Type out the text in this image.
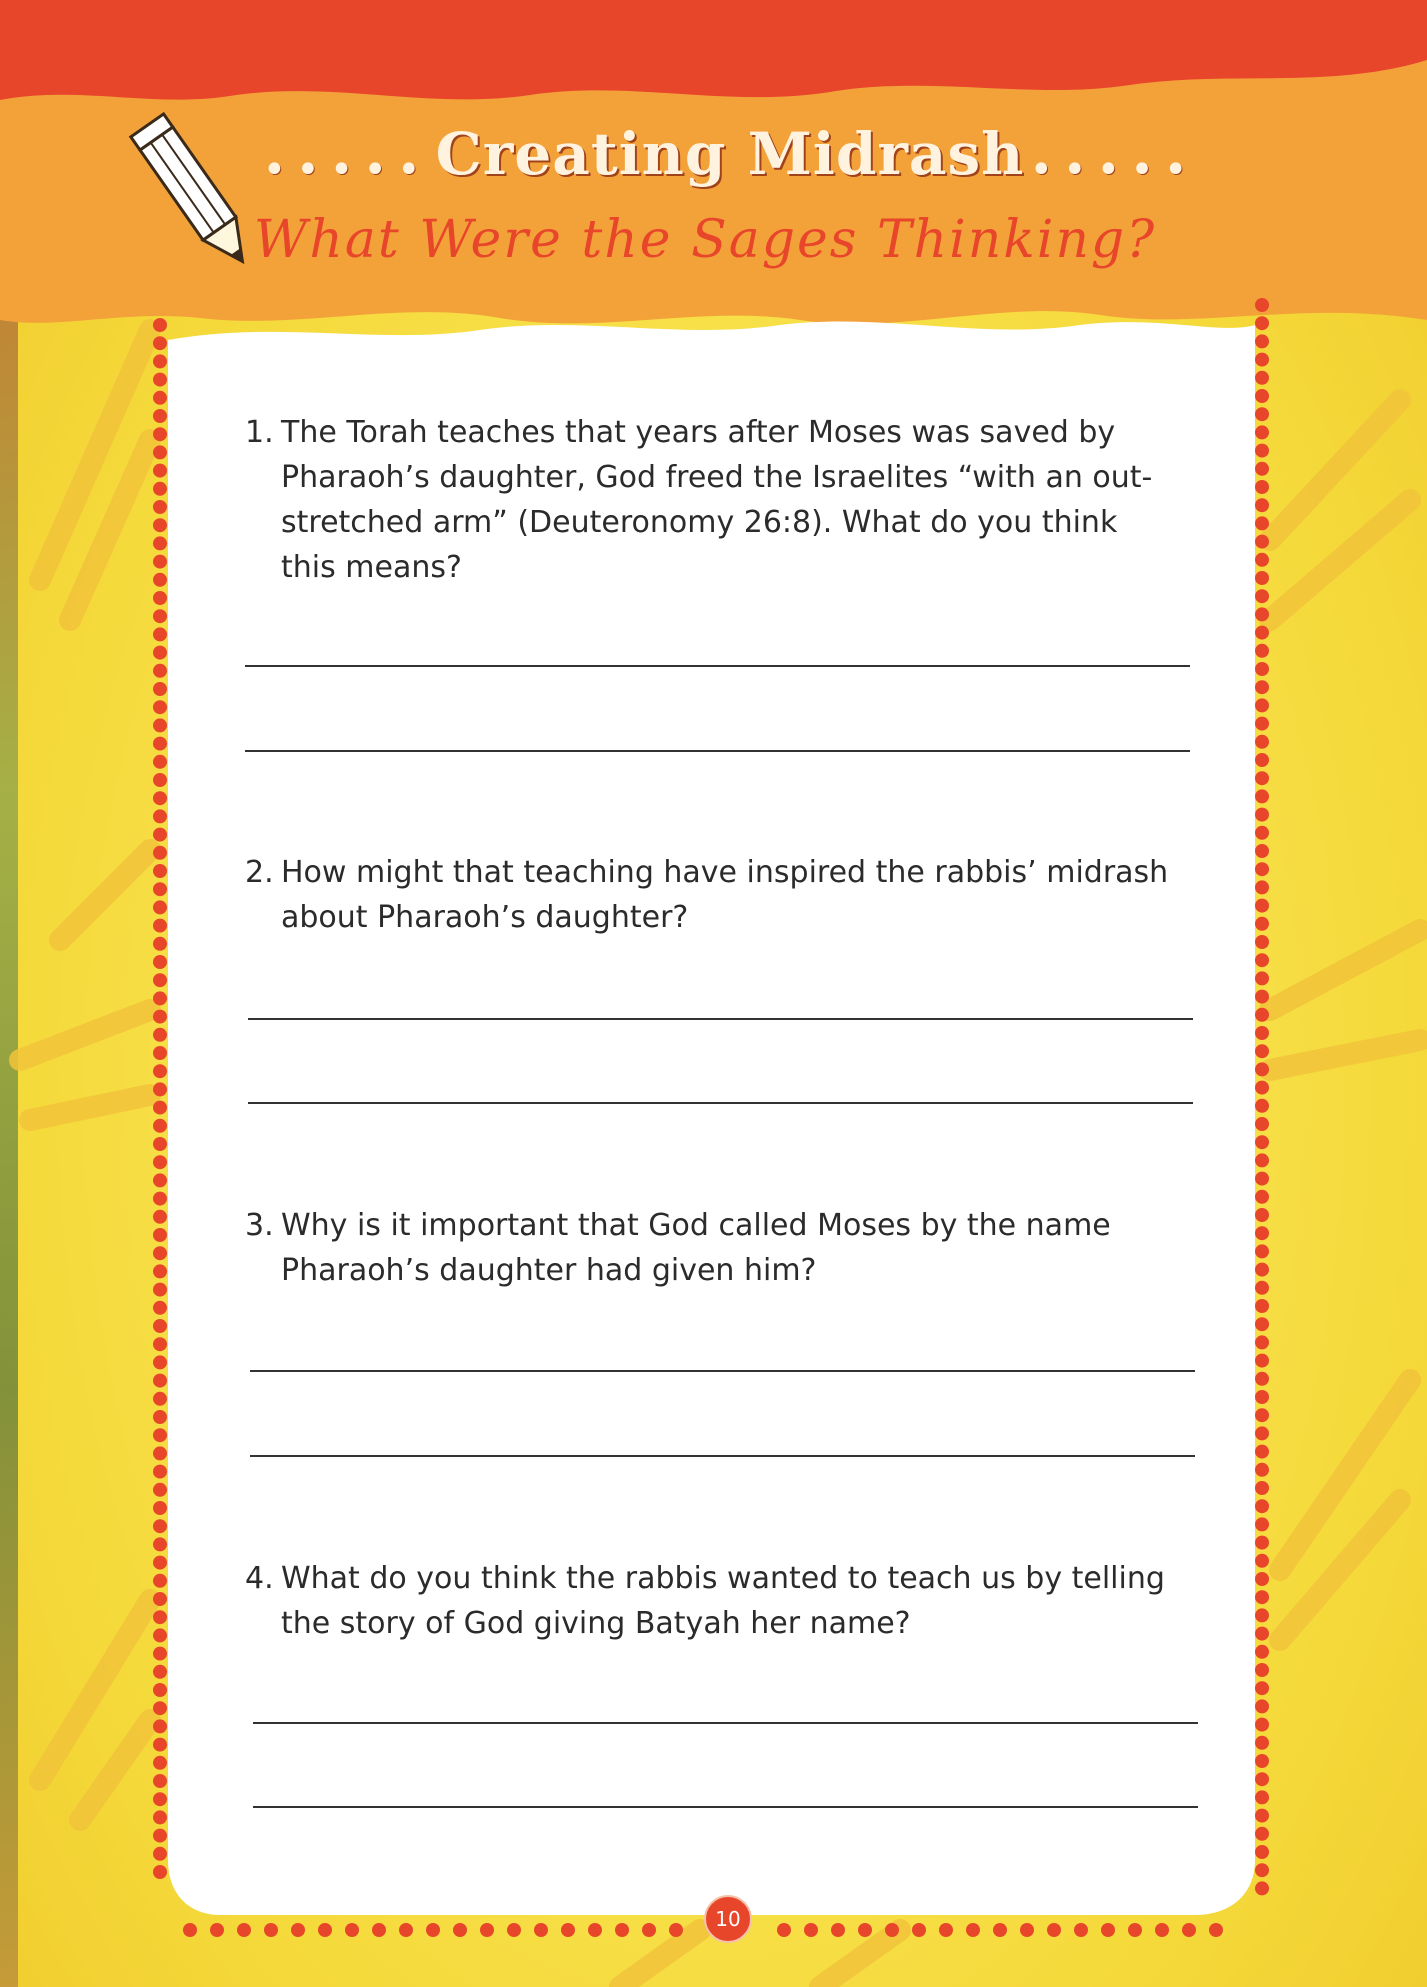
••••• Creating Midrash •••••
What Were the Sages Thinking?
1. The Torah teaches that years after Moses was saved by
Pharaoh’s daughter, God freed the Israelites “with an out-
stretched arm” (Deuteronomy 26:8). What do you think
this means?
2. How might that teaching have inspired the rabbis’ midrash
about Pharaoh’s daughter?
3. Why is it important that God called Moses by the name
Pharaoh’s daughter had given him?
4. What do you think the rabbis wanted to teach us by telling
the story of God giving Batyah her name?
10
